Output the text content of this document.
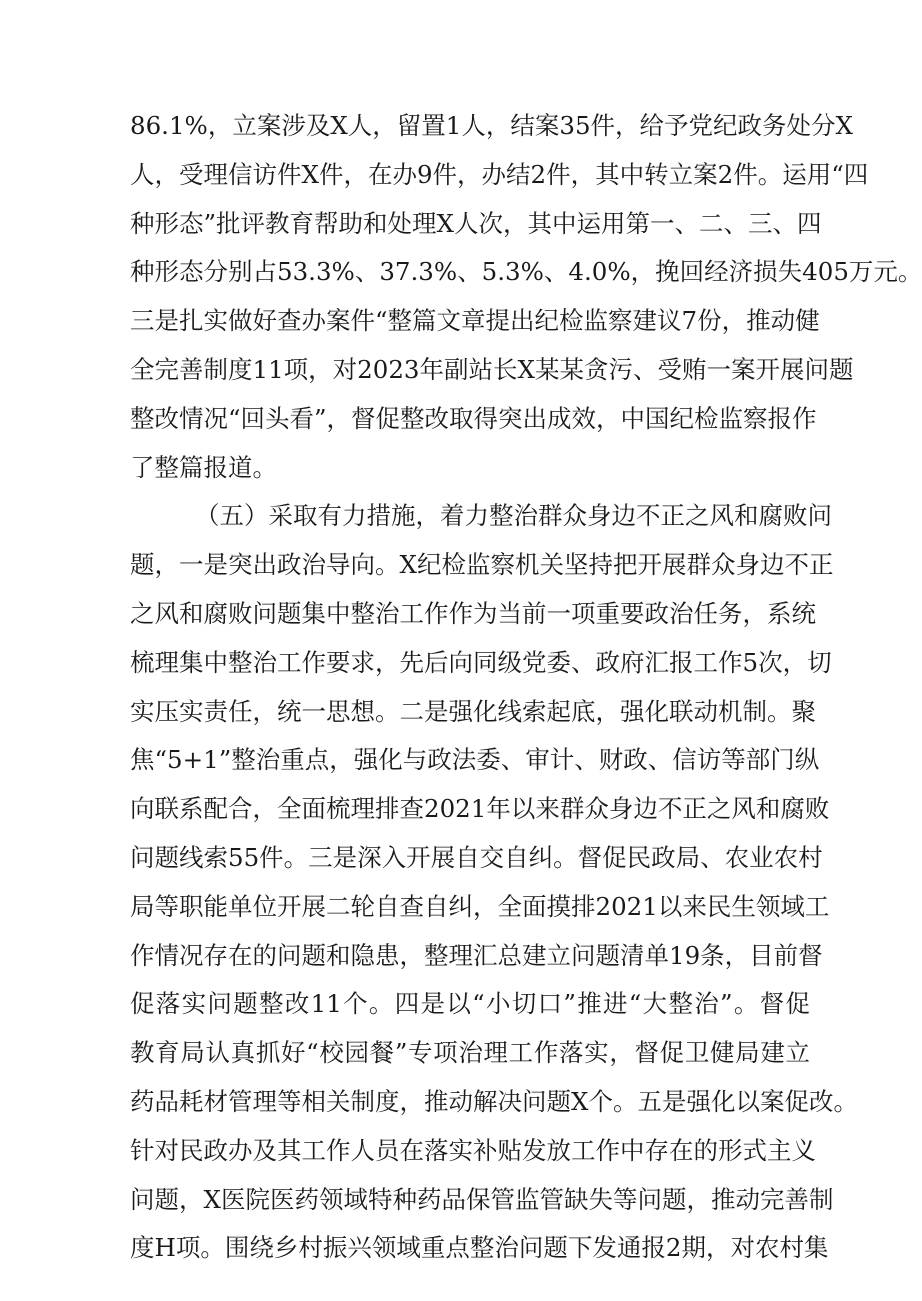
86.1%，立案涉及X人，留置1人，结案35件，给予党纪政务处分X
人，受理信访件X件，在办9件，办结2件，其中转立案2件。运用“四
种形态”批评教育帮助和处理X人次，其中运用第一、二、三、四
种形态分别占53.3%、37.3%、5.3%、4.0%，挽回经济损失405万元。
三是扎实做好查办案件“整篇文章提出纪检监察建议7份，推动健
全完善制度11项，对2023年副站长X某某贪污、受贿一案开展问题
整改情况“回头看”，督促整改取得突出成效，中国纪检监察报作
了整篇报道。
（五）采取有力措施，着力整治群众身边不正之风和腐败问
题，一是突出政治导向。X纪检监察机关坚持把开展群众身边不正
之风和腐败问题集中整治工作作为当前一项重要政治任务，系统
梳理集中整治工作要求，先后向同级党委、政府汇报工作5次，切
实压实责任，统一思想。二是强化线索起底，强化联动机制。聚
焦“5+1”整治重点，强化与政法委、审计、财政、信访等部门纵
向联系配合，全面梳理排查2021年以来群众身边不正之风和腐败
问题线索55件。三是深入开展自交自纠。督促民政局、农业农村
局等职能单位开展二轮自查自纠，全面摸排2021以来民生领域工
作情况存在的问题和隐患，整理汇总建立问题清单19条，目前督
促落实问题整改11个。四是以“小切口”推进“大整治”。督促
教育局认真抓好“校园餐”专项治理工作落实，督促卫健局建立
药品耗材管理等相关制度，推动解决问题X个。五是强化以案促改。
针对民政办及其工作人员在落实补贴发放工作中存在的形式主义
问题，X医院医药领域特种药品保管监管缺失等问题，推动完善制
度H项。围绕乡村振兴领域重点整治问题下发通报2期，对农村集
